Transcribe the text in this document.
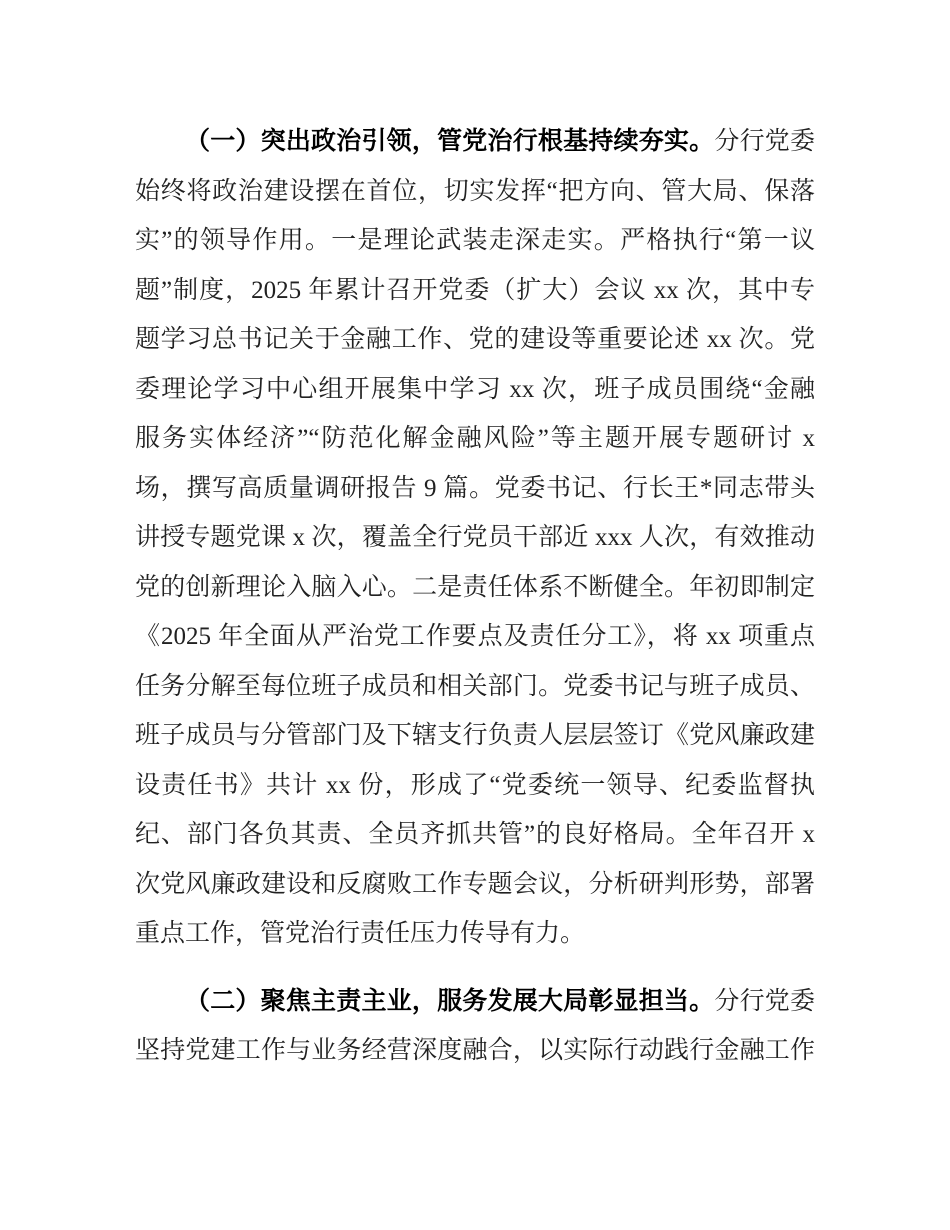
（一）突出政治引领，管党治行根基持续夯实。分行党委
始终将政治建设摆在首位，切实发挥“把方向、管大局、保落
实”的领导作用。一是理论武装走深走实。严格执行“第一议
题”制度，2025 年累计召开党委（扩大）会议 xx 次，其中专
题学习总书记关于金融工作、党的建设等重要论述 xx 次。党
委理论学习中心组开展集中学习 xx 次，班子成员围绕“金融
服务实体经济”“防范化解金融风险”等主题开展专题研讨 x
场，撰写高质量调研报告 9 篇。党委书记、行长王*同志带头
讲授专题党课 x 次，覆盖全行党员干部近 xxx 人次，有效推动
党的创新理论入脑入心。二是责任体系不断健全。年初即制定
《2025 年全面从严治党工作要点及责任分工》，将 xx 项重点
任务分解至每位班子成员和相关部门。党委书记与班子成员、
班子成员与分管部门及下辖支行负责人层层签订《党风廉政建
设责任书》共计 xx 份，形成了“党委统一领导、纪委监督执
纪、部门各负其责、全员齐抓共管”的良好格局。全年召开 x
次党风廉政建设和反腐败工作专题会议，分析研判形势，部署
重点工作，管党治行责任压力传导有力。
（二）聚焦主责主业，服务发展大局彰显担当。分行党委
坚持党建工作与业务经营深度融合，以实际行动践行金融工作
